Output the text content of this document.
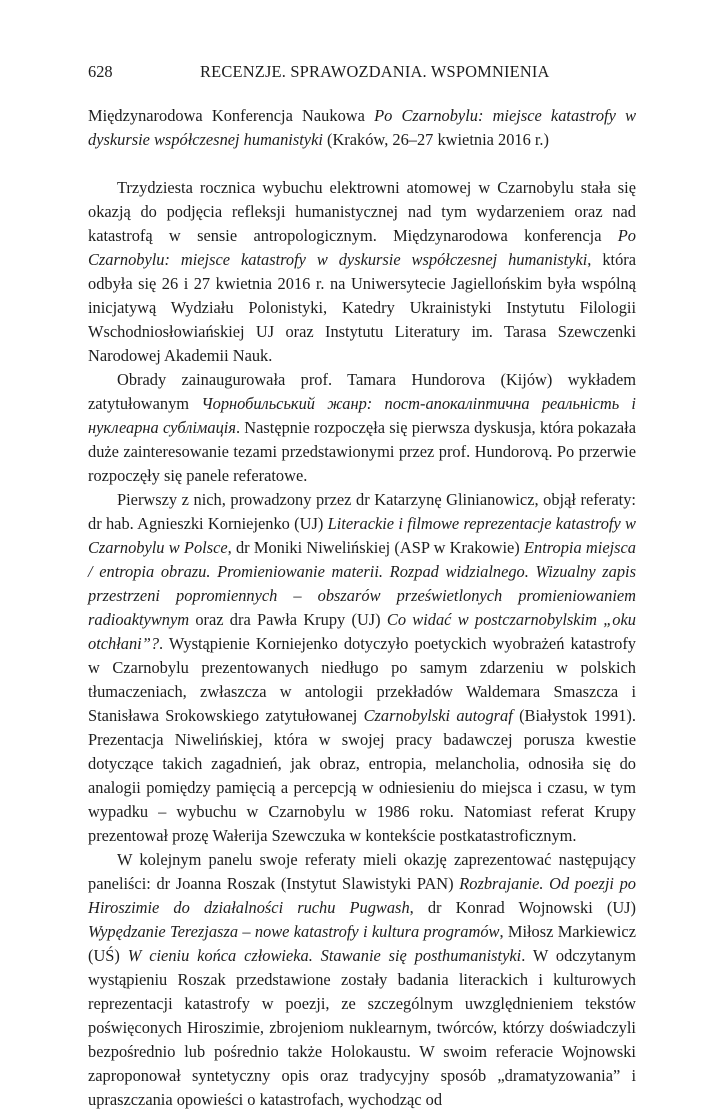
628	RECENZJE. SPRAWOZDANIA. WSPOMNIENIA

Międzynarodowa Konferencja Naukowa Po Czarnobylu: miejsce katastrofy w dyskursie współczesnej humanistyki (Kraków, 26–27 kwietnia 2016 r.)

Trzydziesta rocznica wybuchu elektrowni atomowej w Czarnobylu stała się okazją do podjęcia refleksji humanistycznej nad tym wydarzeniem oraz nad katastrofą w sensie antropologicznym. Międzynarodowa konferencja Po Czarnobylu: miejsce katastrofy w dyskursie współczesnej humanistyki, która odbyła się 26 i 27 kwietnia 2016 r. na Uniwersytecie Jagiellońskim była wspólną inicjatywą Wydziału Polonistyki, Katedry Ukrainistyki Instytutu Filologii Wschodniosłowiańskiej UJ oraz Instytutu Literatury im. Tarasa Szewczenki Narodowej Akademii Nauk.

Obrady zainaugurowała prof. Tamara Hundorova (Kijów) wykładem zatytułowanym Чорнобильський жанр: пост-апокаліптична реальність і нуклеарна сублімація. Następnie rozpoczęła się pierwsza dyskusja, która pokazała duże zainteresowanie tezami przedstawionymi przez prof. Hundorovą. Po przerwie rozpoczęły się panele referatowe.

Pierwszy z nich, prowadzony przez dr Katarzynę Glinianowicz, objął referaty: dr hab. Agnieszki Korniejenko (UJ) Literackie i filmowe reprezentacje katastrofy w Czarnobylu w Polsce, dr Moniki Niwelińskiej (ASP w Krakowie) Entropia miejsca / entropia obrazu. Promieniowanie materii. Rozpad widzialnego. Wizualny zapis przestrzeni popromiennych – obszarów prześwietlonych promieniowaniem radioaktywnym oraz dra Pawła Krupy (UJ) Co widać w postczarnobylskim „oku otchłani”?. Wystąpienie Korniejenko dotyczyło poetyckich wyobrażeń katastrofy w Czarnobylu prezentowanych niedługo po samym zdarzeniu w polskich tłumaczeniach, zwłaszcza w antologii przekładów Waldemara Smaszcza i Stanisława Srokowskiego zatytułowanej Czarnobylski autograf (Białystok 1991). Prezentacja Niwelińskiej, która w swojej pracy badawczej porusza kwestie dotyczące takich zagadnień, jak obraz, entropia, melancholia, odnosiła się do analogii pomiędzy pamięcią a percepcją w odniesieniu do miejsca i czasu, w tym wypadku – wybuchu w Czarnobylu w 1986 roku. Natomiast referat Krupy prezentował prozę Wałerija Szewczuka w kontekście postkatastroficznym.

W kolejnym panelu swoje referaty mieli okazję zaprezentować następujący paneliści: dr Joanna Roszak (Instytut Slawistyki PAN) Rozbrajanie. Od poezji po Hiroszimie do działalności ruchu Pugwash, dr Konrad Wojnowski (UJ) Wypędzanie Terezjasza – nowe katastrofy i kultura programów, Miłosz Markiewicz (UŚ) W cieniu końca człowieka. Stawanie się posthumanistyki. W odczytanym wystąpieniu Roszak przedstawione zostały badania literackich i kulturowych reprezentacji katastrofy w poezji, ze szczególnym uwzględnieniem tekstów poświęconych Hiroszimie, zbrojeniom nuklearnym, twórców, którzy doświadczyli bezpośrednio lub pośrednio także Holokaustu. W swoim referacie Wojnowski zaproponował syntetyczny opis oraz tradycyjny sposób „dramatyzowania” i upraszczania opowieści o katastrofach, wychodząc od
